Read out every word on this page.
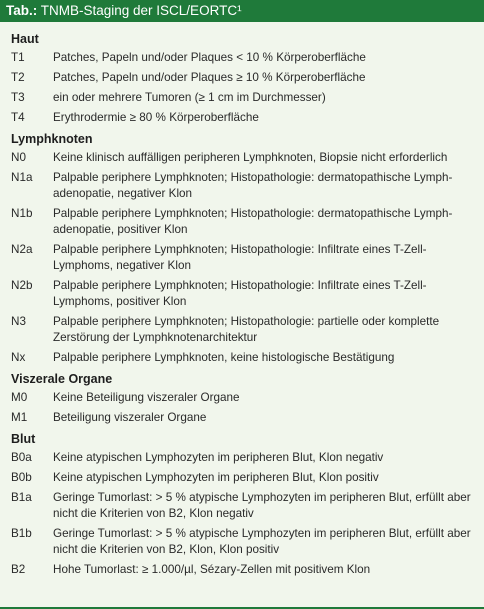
Tab.: TNMB-Staging der ISCL/EORTC¹
Haut
T1	Patches, Papeln und/oder Plaques < 10 % Körperoberfläche
T2	Patches, Papeln und/oder Plaques ≥ 10 % Körperoberfläche
T3	ein oder mehrere Tumoren (≥ 1 cm im Durchmesser)
T4	Erythrodermie ≥ 80 % Körperoberfläche
Lymphknoten
N0	Keine klinisch auffälligen peripheren Lymphknoten, Biopsie nicht erforderlich
N1a	Palpable periphere Lymphknoten; Histopathologie: dermatopathische Lymph-
adenopatie, negativer Klon
N1b	Palpable periphere Lymphknoten; Histopathologie: dermatopathische Lymph-
adenopatie, positiver Klon
N2a	Palpable periphere Lymphknoten; Histopathologie: Infiltrate eines T-Zell-
Lymphoms, negativer Klon
N2b	Palpable periphere Lymphknoten; Histopathologie: Infiltrate eines T-Zell-
Lymphoms, positiver Klon
N3	Palpable periphere Lymphknoten; Histopathologie: partielle oder komplette
Zerstörung der Lymphknotenarchitektur
Nx	Palpable periphere Lymphknoten, keine histologische Bestätigung
Viszerale Organe
M0	Keine Beteiligung viszeraler Organe
M1	Beteiligung viszeraler Organe
Blut
B0a	Keine atypischen Lymphozyten im peripheren Blut, Klon negativ
B0b	Keine atypischen Lymphozyten im peripheren Blut, Klon positiv
B1a	Geringe Tumorlast: > 5 % atypische Lymphozyten im peripheren Blut, erfüllt aber
nicht die Kriterien von B2, Klon negativ
B1b	Geringe Tumorlast: > 5 % atypische Lymphozyten im peripheren Blut, erfüllt aber
nicht die Kriterien von B2, Klon, Klon positiv
B2	Hohe Tumorlast: ≥ 1.000/µl, Sézary-Zellen mit positivem Klon
